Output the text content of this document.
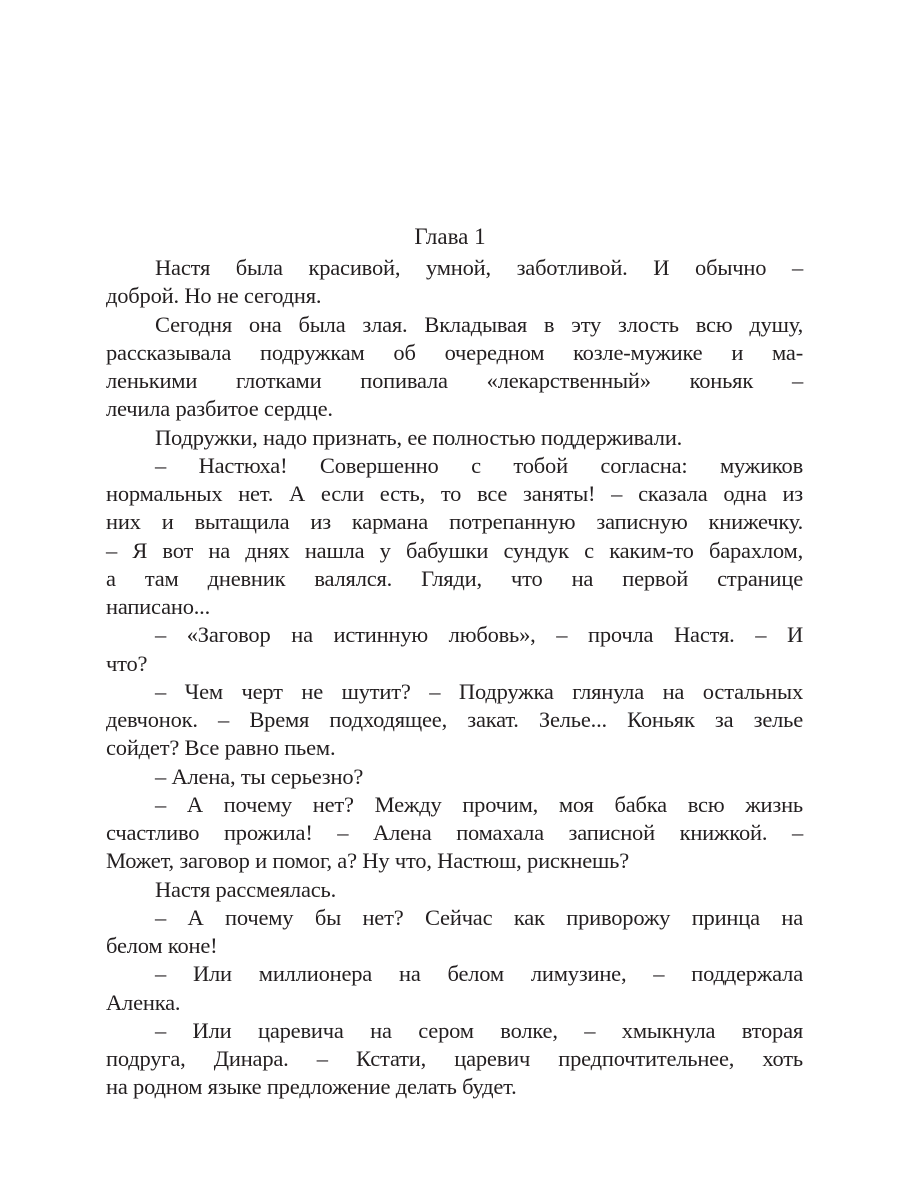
Глава 1
Настя была красивой, умной, заботливой. И обычно –
доброй. Но не сегодня.
Сегодня она была злая. Вкладывая в эту злость всю душу,
рассказывала подружкам об очередном козле-мужике и ма-
ленькими глотками попивала «лекарственный» коньяк –
лечила разбитое сердце.
Подружки, надо признать, ее полностью поддерживали.
– Настюха! Совершенно с тобой согласна: мужиков
нормальных нет. А если есть, то все заняты! – сказала одна из
них и вытащила из кармана потрепанную записную книжечку.
– Я вот на днях нашла у бабушки сундук с каким-то барахлом,
а там дневник валялся. Гляди, что на первой странице
написано...
– «Заговор на истинную любовь», – прочла Настя. – И
что?
– Чем черт не шутит? – Подружка глянула на остальных
девчонок. – Время подходящее, закат. Зелье... Коньяк за зелье
сойдет? Все равно пьем.
– Алена, ты серьезно?
– А почему нет? Между прочим, моя бабка всю жизнь
счастливо прожила! – Алена помахала записной книжкой. –
Может, заговор и помог, а? Ну что, Настюш, рискнешь?
Настя рассмеялась.
– А почему бы нет? Сейчас как приворожу принца на
белом коне!
– Или миллионера на белом лимузине, – поддержала
Аленка.
– Или царевича на сером волке, – хмыкнула вторая
подруга, Динара. – Кстати, царевич предпочтительнее, хоть
на родном языке предложение делать будет.
